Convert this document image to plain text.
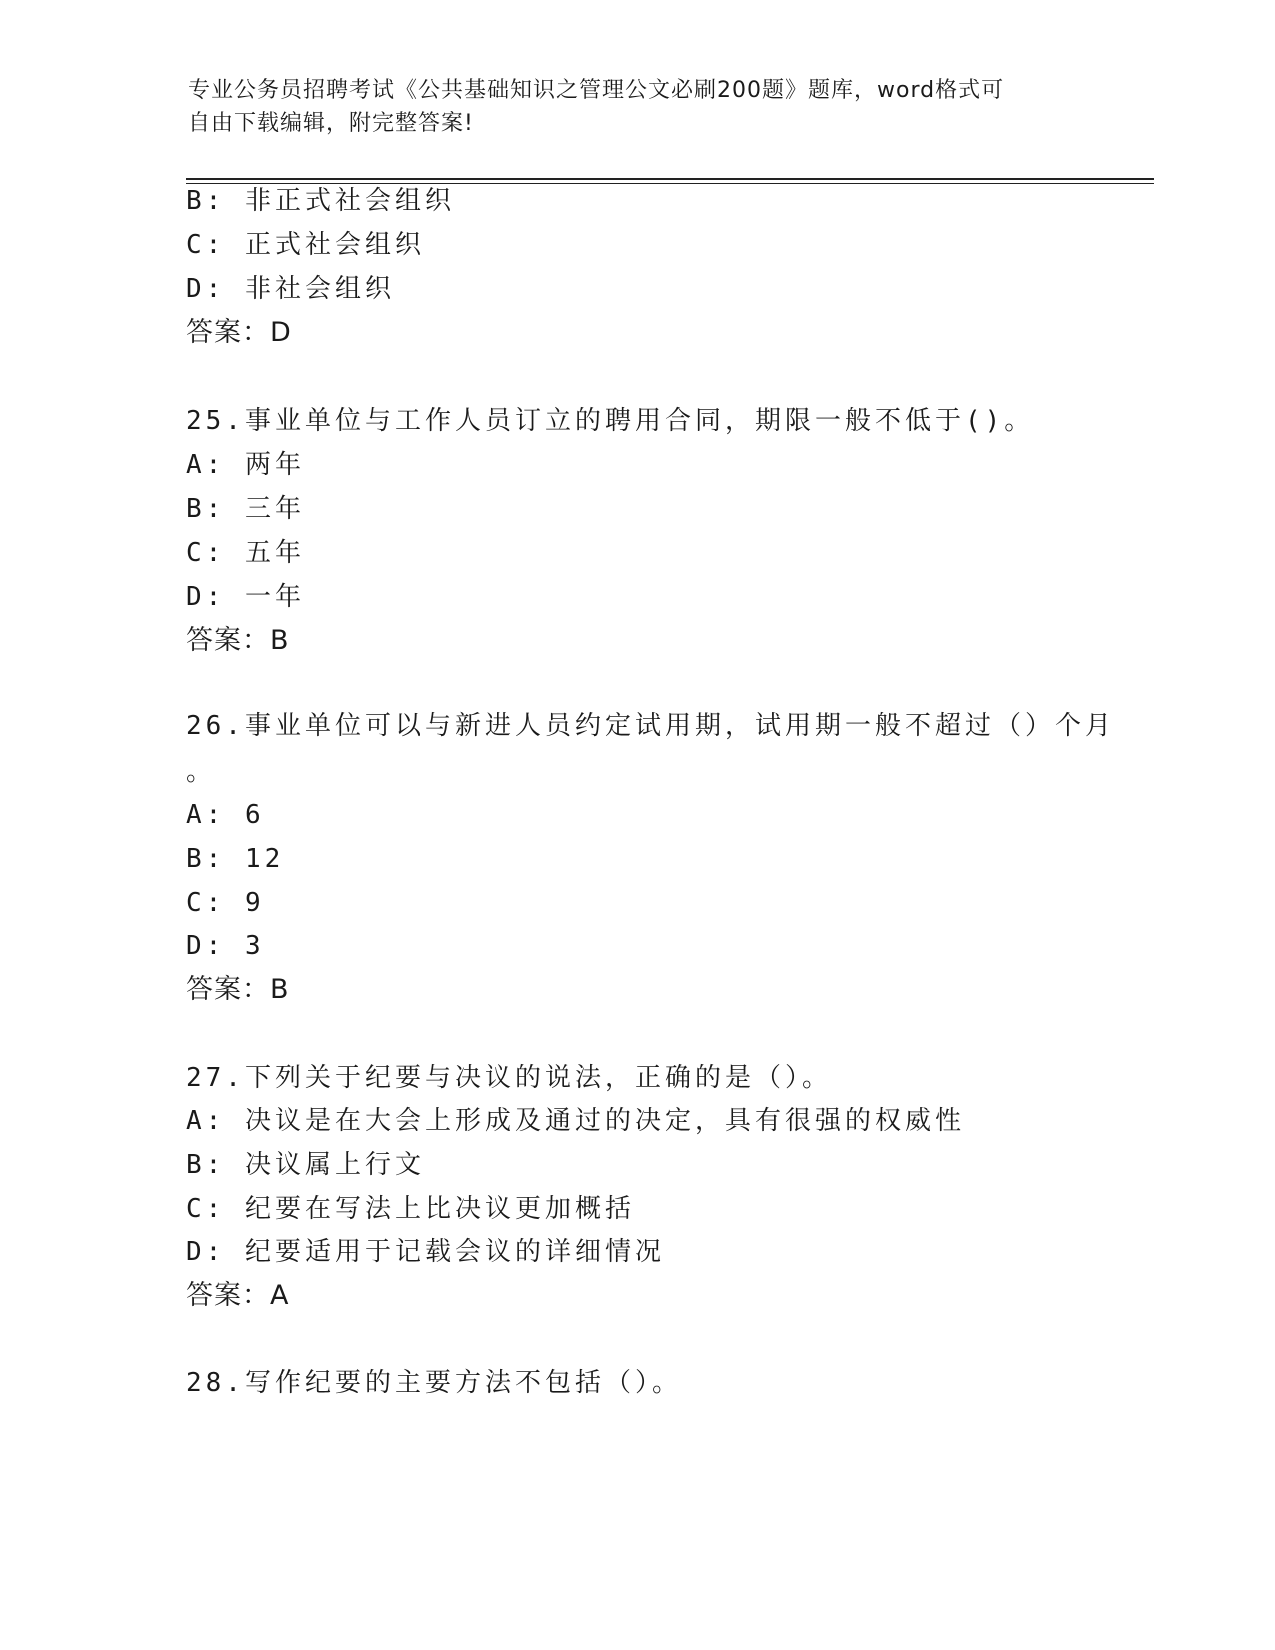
专业公务员招聘考试《公共基础知识之管理公文必刷200题》题库，word格式可
自由下载编辑，附完整答案!
B: 非正式社会组织
C: 正式社会组织
D: 非社会组织
答案：D
25.事业单位与工作人员订立的聘用合同，期限一般不低于()。
A: 两年
B: 三年
C: 五年
D: 一年
答案：B
26.事业单位可以与新进人员约定试用期，试用期一般不超过（）个月
。
A: 6
B: 12
C: 9
D: 3
答案：B
27.下列关于纪要与决议的说法，正确的是（）。
A: 决议是在大会上形成及通过的决定，具有很强的权威性
B: 决议属上行文
C: 纪要在写法上比决议更加概括
D: 纪要适用于记载会议的详细情况
答案：A
28.写作纪要的主要方法不包括（）。
